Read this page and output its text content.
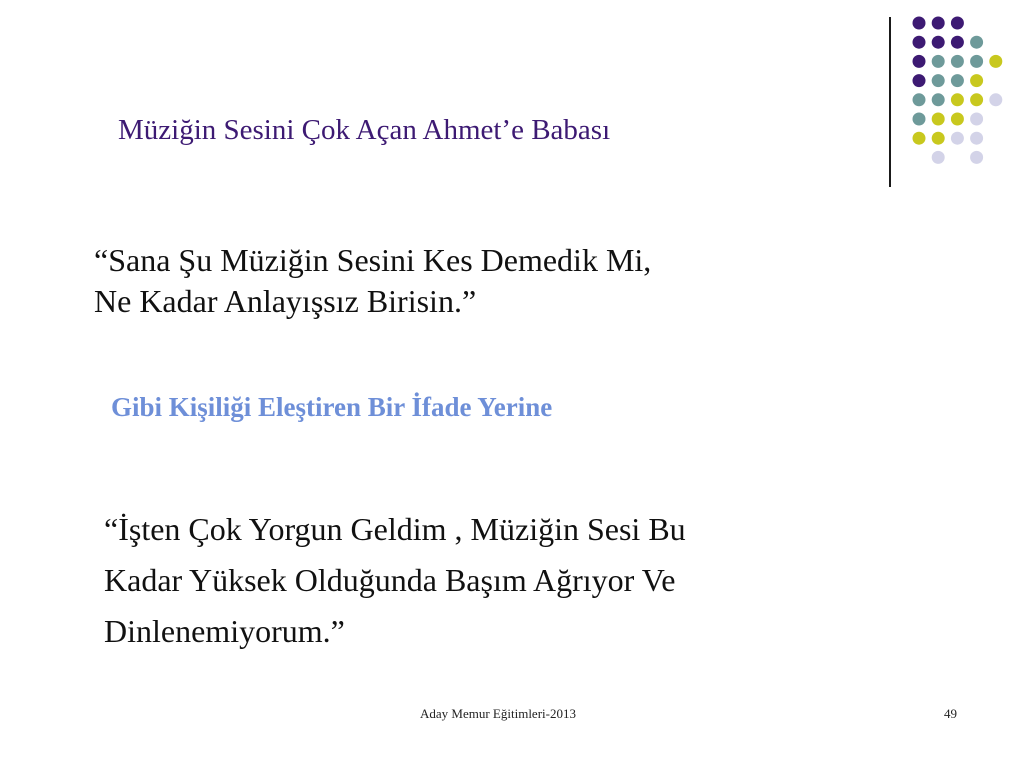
Müziğin Sesini Çok Açan Ahmet’e Babası

“Sana Şu Müziğin Sesini Kes Demedik Mi,
Ne Kadar Anlayışsız Birisin.”

Gibi Kişiliği Eleştiren Bir İfade Yerine

“İşten Çok Yorgun Geldim , Müziğin Sesi Bu
Kadar Yüksek Olduğunda Başım Ağrıyor Ve
Dinlenemiyorum.”

Aday Memur Eğitimleri-2013	49
